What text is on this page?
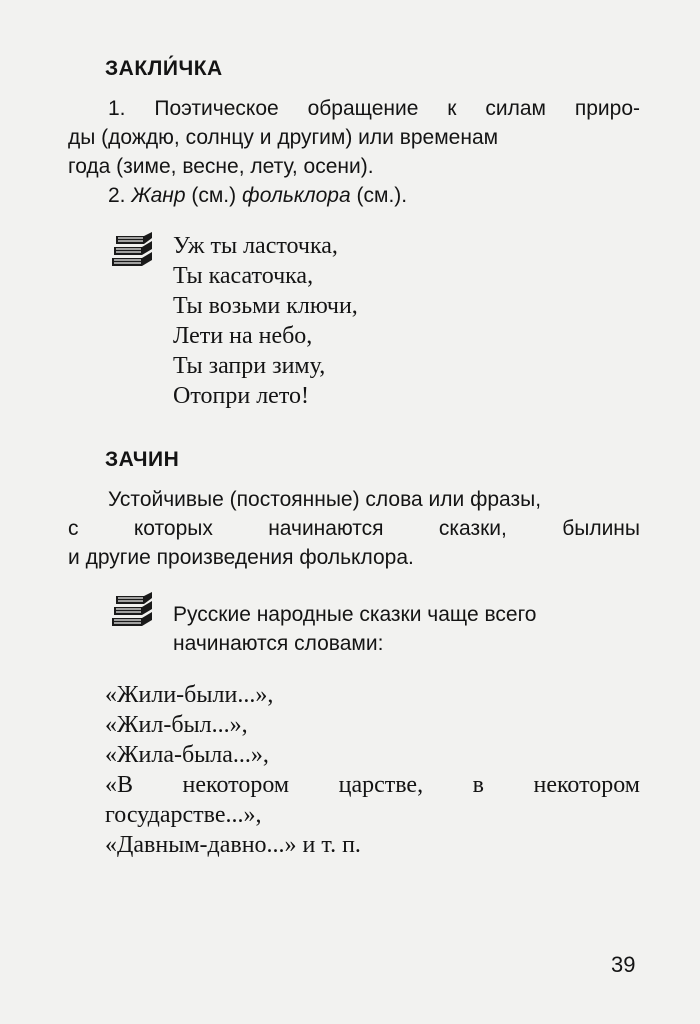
ЗАКЛИ́ЧКА
1. Поэтическое обращение к силам приро-
ды (дождю, солнцу и другим) или временам
года (зиме, весне, лету, осени).
2. Жанр (см.) фольклора (см.).
Уж ты ласточка,
Ты касаточка,
Ты возьми ключи,
Лети на небо,
Ты запри зиму,
Отопри лето!
ЗАЧИН
Устойчивые (постоянные) слова или фразы,
с которых начинаются сказки, былины
и другие произведения фольклора.
Русские народные сказки чаще всего
начинаются словами:
«Жили-были...»,
«Жил-был...»,
«Жила-была...»,
«В некотором царстве, в некотором
государстве...»,
«Давным-давно...» и т. п.
39
